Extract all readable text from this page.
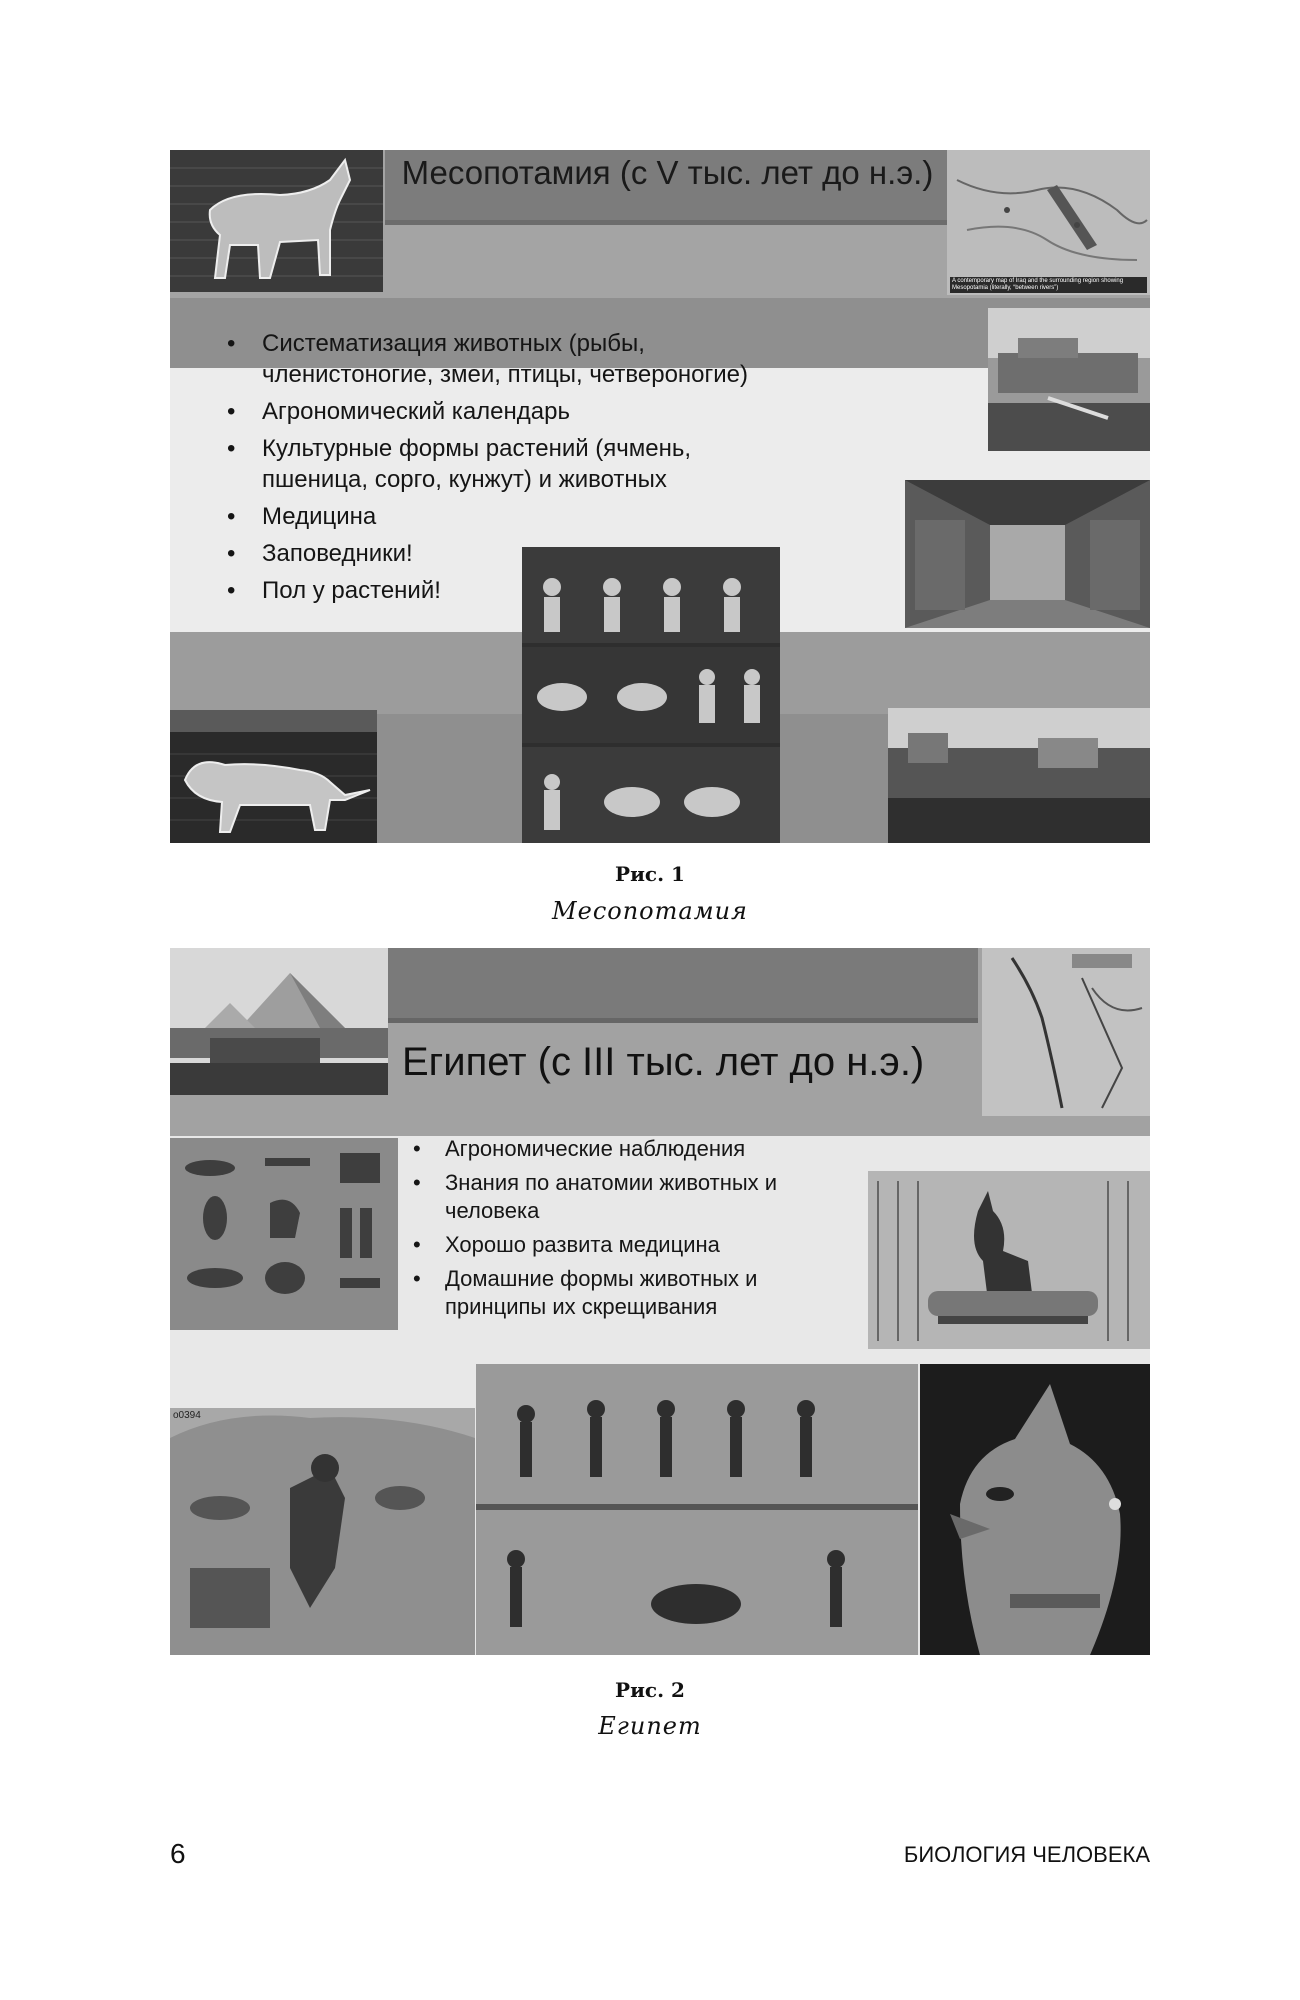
Месопотамия (с V тыс. лет до н.э.)
• Систематизация животных (рыбы, членистоногие, змеи, птицы, четвероногие)
• Агрономический календарь
• Культурные формы растений (ячмень, пшеница, сорго, кунжут) и животных
• Медицина
• Заповедники!
• Пол у растений!
A contemporary map of Iraq and the surrounding region showing Mesopotamia (literally, “between rivers”)
Рис. 1
Месопотамия
Египет (с III тыс. лет до н.э.)
• Агрономические наблюдения
• Знания по анатомии животных и человека
• Хорошо развита медицина
• Домашние формы животных и принципы их скрещивания
o0394
Рис. 2
Египет
6	БИОЛОГИЯ ЧЕЛОВЕКА
